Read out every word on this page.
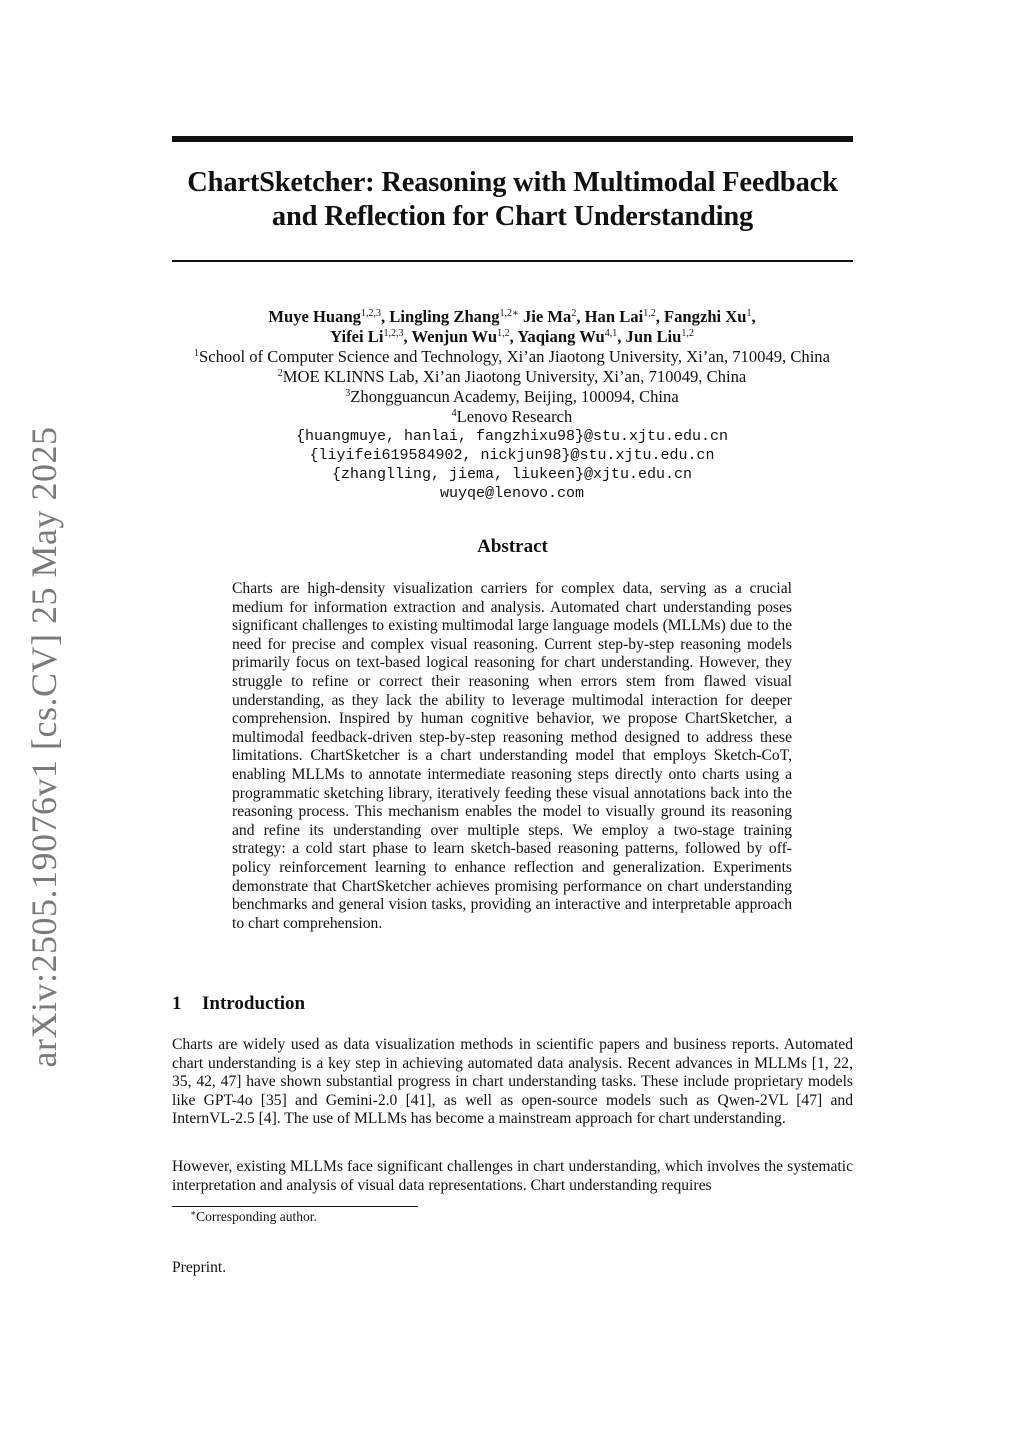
arXiv:2505.19076v1 [cs.CV] 25 May 2025
ChartSketcher: Reasoning with Multimodal Feedback
and Reflection for Chart Understanding
Muye Huang$^{1,2,3}$, Lingling Zhang$^{1,2∗}$ Jie Ma$^2$, Han Lai$^{1,2}$, Fangzhi Xu$^1$,
Yifei Li$^{1,2,3}$, Wenjun Wu$^{1,2}$, Yaqiang Wu$^{4,1}$, Jun Liu$^{1,2}$
$^1$School of Computer Science and Technology, Xi’an Jiaotong University, Xi’an, 710049, China
$^2$MOE KLINNS Lab, Xi’an Jiaotong University, Xi’an, 710049, China
$^3$Zhongguancun Academy, Beijing, 100094, China
$^4$Lenovo Research
{huangmuye, hanlai, fangzhixu98}@stu.xjtu.edu.cn
{liyifei619584902, nickjun98}@stu.xjtu.edu.cn
{zhanglling, jiema, liukeen}@xjtu.edu.cn
wuyqe@lenovo.com
Abstract
Charts are high-density visualization carriers for complex data, serving as a crucial medium for information extraction and analysis. Automated chart understanding poses significant challenges to existing multimodal large language models (MLLMs) due to the need for precise and complex visual reasoning. Current step-by-step reasoning models primarily focus on text-based logical reasoning for chart understanding. However, they struggle to refine or correct their reasoning when errors stem from flawed visual understanding, as they lack the ability to leverage multimodal interaction for deeper comprehension. Inspired by human cognitive behavior, we propose ChartSketcher, a multimodal feedback-driven step-by-step reasoning method designed to address these limitations. ChartSketcher is a chart understanding model that employs Sketch-CoT, enabling MLLMs to annotate intermediate reasoning steps directly onto charts using a programmatic sketching library, iteratively feeding these visual annotations back into the reasoning process. This mechanism enables the model to visually ground its reasoning and refine its understanding over multiple steps. We employ a two-stage training strategy: a cold start phase to learn sketch-based reasoning patterns, followed by off-policy reinforcement learning to enhance reflection and generalization. Experiments demonstrate that ChartSketcher achieves promising performance on chart understanding benchmarks and general vision tasks, providing an interactive and interpretable approach to chart comprehension.
1 Introduction
Charts are widely used as data visualization methods in scientific papers and business reports. Automated chart understanding is a key step in achieving automated data analysis. Recent advances in MLLMs [1, 22, 35, 42, 47] have shown substantial progress in chart understanding tasks. These include proprietary models like GPT-4o [35] and Gemini-2.0 [41], as well as open-source models such as Qwen-2VL [47] and InternVL-2.5 [4]. The use of MLLMs has become a mainstream approach for chart understanding.
However, existing MLLMs face significant challenges in chart understanding, which involves the systematic interpretation and analysis of visual data representations. Chart understanding requires
∗Corresponding author.
Preprint.
